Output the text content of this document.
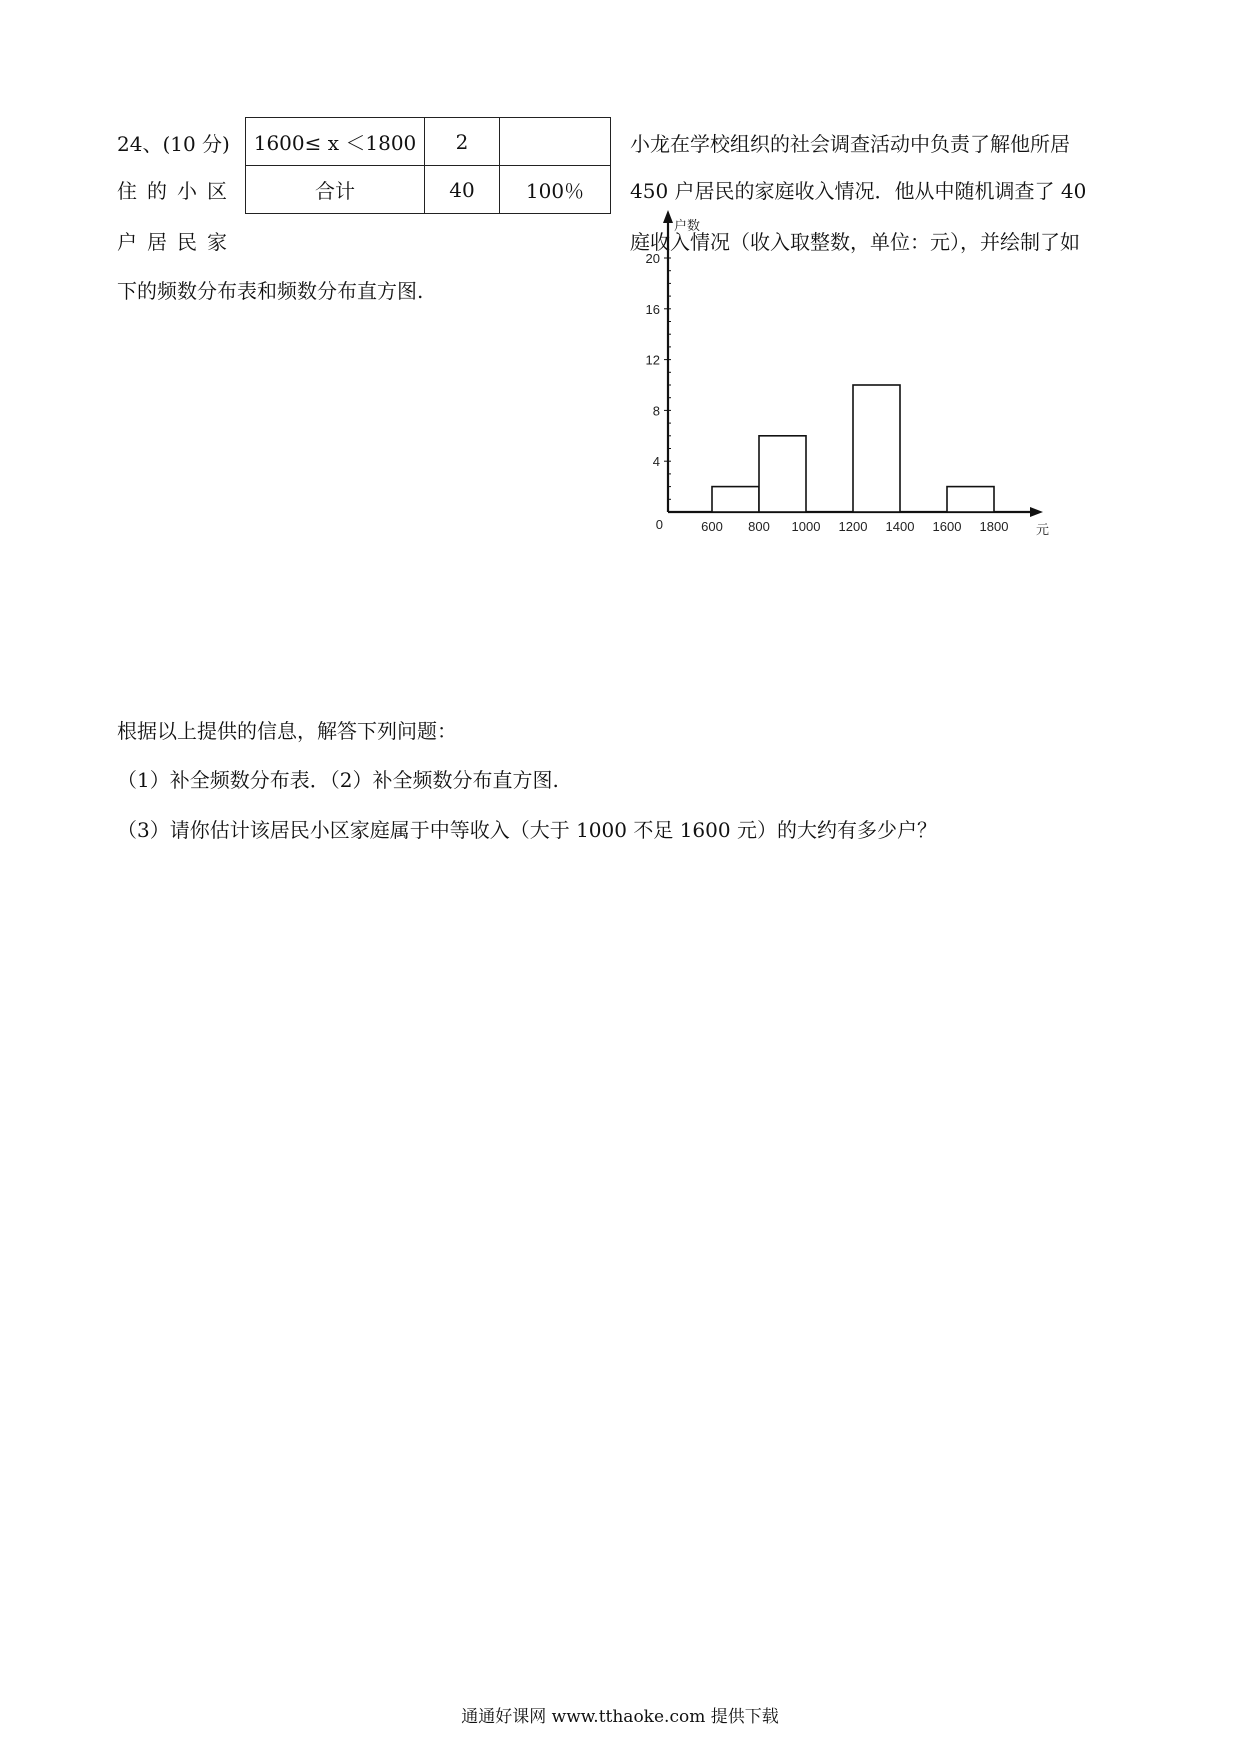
24、(10 分)
住 的 小 区
户 居 民 家
小龙在学校组织的社会调查活动中负责了解他所居
450 户居民的家庭收入情况．他从中随机调查了 40
庭收入情况（收入取整数，单位：元），并绘制了如
下的频数分布表和频数分布直方图.
1600≤ x ＜1800	2	
合计	40	100％
4
8
12
16
20
0	600 800 1000 1200 1400 1600 1800
户数
元
根据以上提供的信息，解答下列问题：
（1）补全频数分布表．（2）补全频数分布直方图.
（3）请你估计该居民小区家庭属于中等收入（大于 1000 不足 1600 元）的大约有多少户？
通通好课网 www.tthaoke.com 提供下载
